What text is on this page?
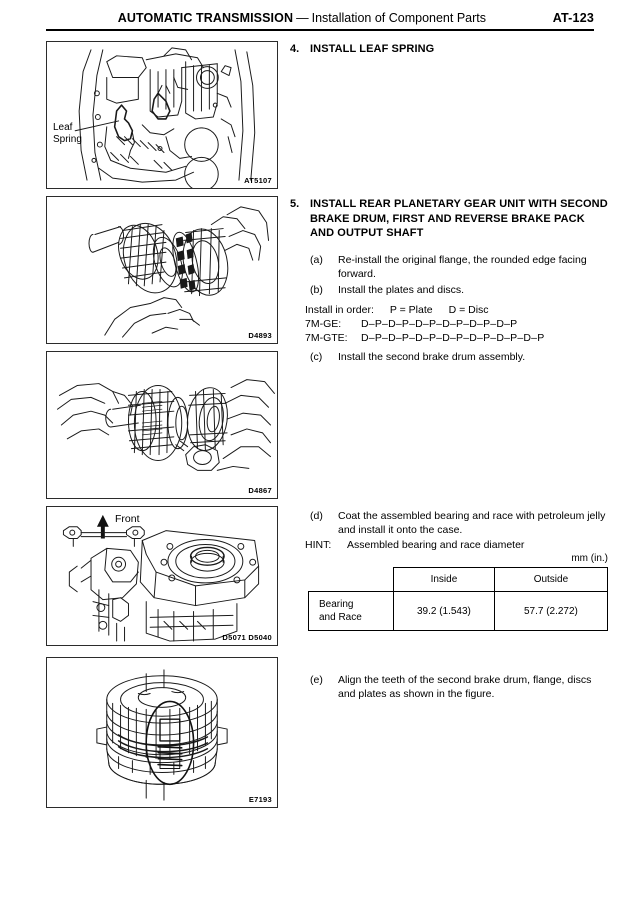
AUTOMATIC TRANSMISSION — Installation of Component Parts	AT-123
Leaf
Spring
AT5107
D4893
D4867
Front
D5071 D5040
E7193
4. INSTALL LEAF SPRING
5. INSTALL REAR PLANETARY GEAR UNIT WITH SECOND BRAKE DRUM, FIRST AND REVERSE BRAKE PACK AND OUTPUT SHAFT
(a)	Re-install the original flange, the rounded edge facing forward.
(b)	Install the plates and discs.
Install in order: P = Plate D = Disc
7M-GE: D–P–D–P–D–P–D–P–D–P–D–P
7M-GTE: D–P–D–P–D–P–D–P–D–P–D–P–D–P
(c)	Install the second brake drum assembly.
(d)	Coat the assembled bearing and race with petroleum jelly and install it onto the case.
HINT: Assembled bearing and race diameter
mm (in.)
	Inside	Outside

Bearing
and Race	39.2 (1.543)	57.7 (2.272)
(e)	Align the teeth of the second brake drum, flange, discs and plates as shown in the figure.
